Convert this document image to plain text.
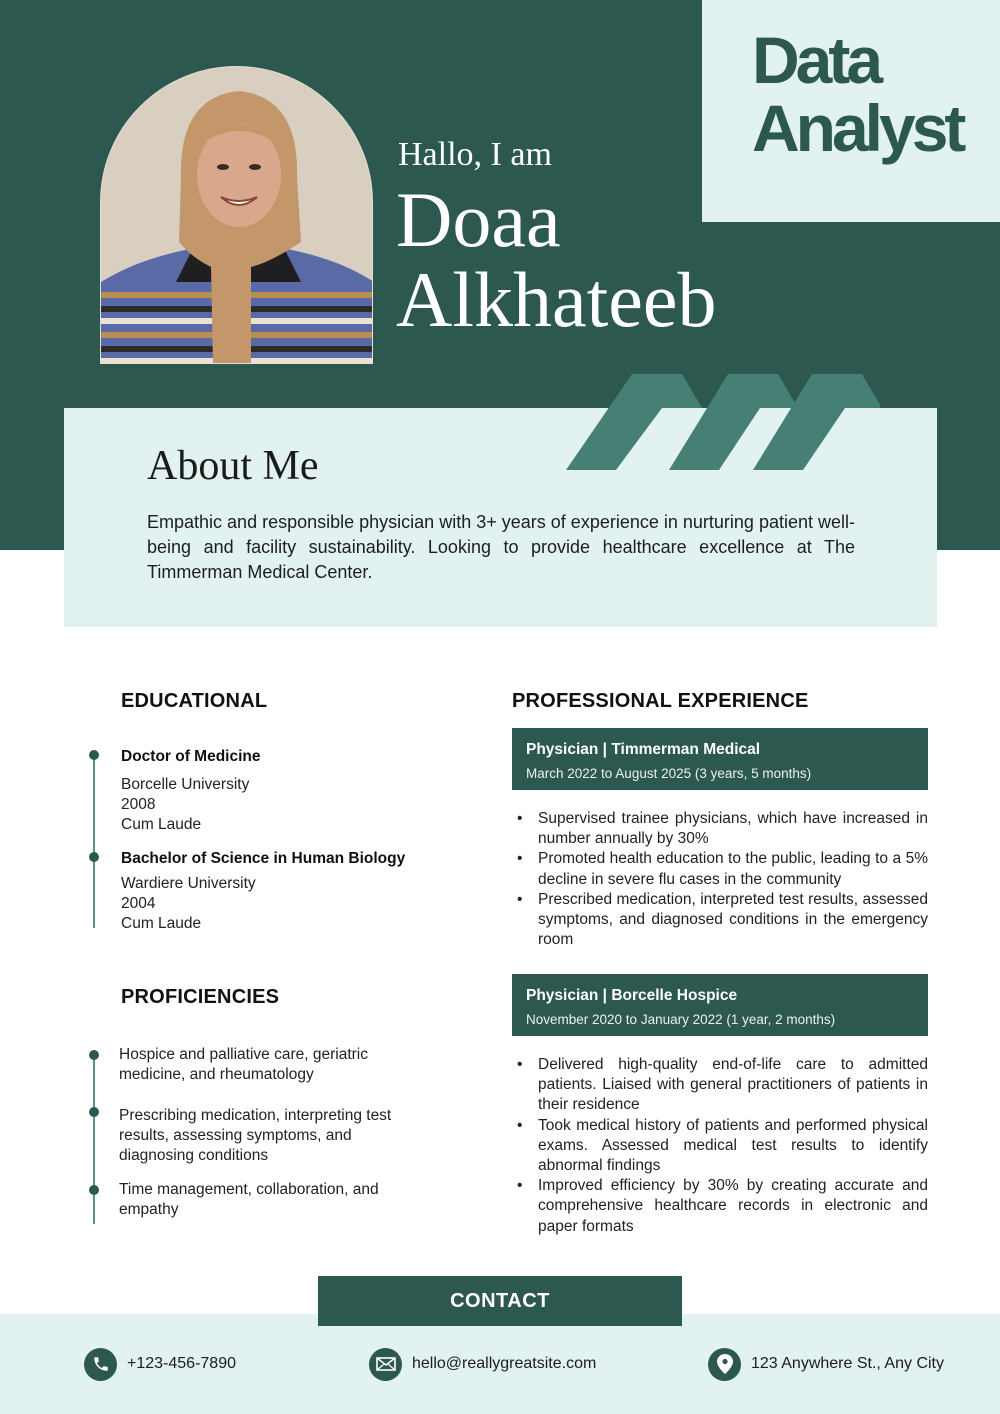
Data
Analyst
Hallo, I am
Doaa
Alkhateeb
About Me

Empathic and responsible physician with 3+ years of experience in nurturing patient well-being and facility sustainability. Looking to provide healthcare excellence at The Timmerman Medical Center.

EDUCATIONAL
Doctor of Medicine
Borcelle University
2008
Cum Laude
Bachelor of Science in Human Biology
Wardiere University
2004
Cum Laude
PROFICIENCIES
Hospice and palliative care, geriatric medicine, and rheumatology
Prescribing medication, interpreting test results, assessing symptoms, and diagnosing conditions
Time management, collaboration, and empathy
PROFESSIONAL EXPERIENCE
Physician | Timmerman Medical
March 2022 to August 2025 (3 years, 5 months)
• Supervised trainee physicians, which have increased in number annually by 30%
• Promoted health education to the public, leading to a 5% decline in severe flu cases in the community
• Prescribed medication, interpreted test results, assessed symptoms, and diagnosed conditions in the emergency room
Physician | Borcelle Hospice
November 2020 to January 2022 (1 year, 2 months)
• Delivered high-quality end-of-life care to admitted patients. Liaised with general practitioners of patients in their residence
• Took medical history of patients and performed physical exams. Assessed medical test results to identify abnormal findings
• Improved efficiency by 30% by creating accurate and comprehensive healthcare records in electronic and paper formats
CONTACT
+123-456-7890	hello@reallygreatsite.com	123 Anywhere St., Any City
